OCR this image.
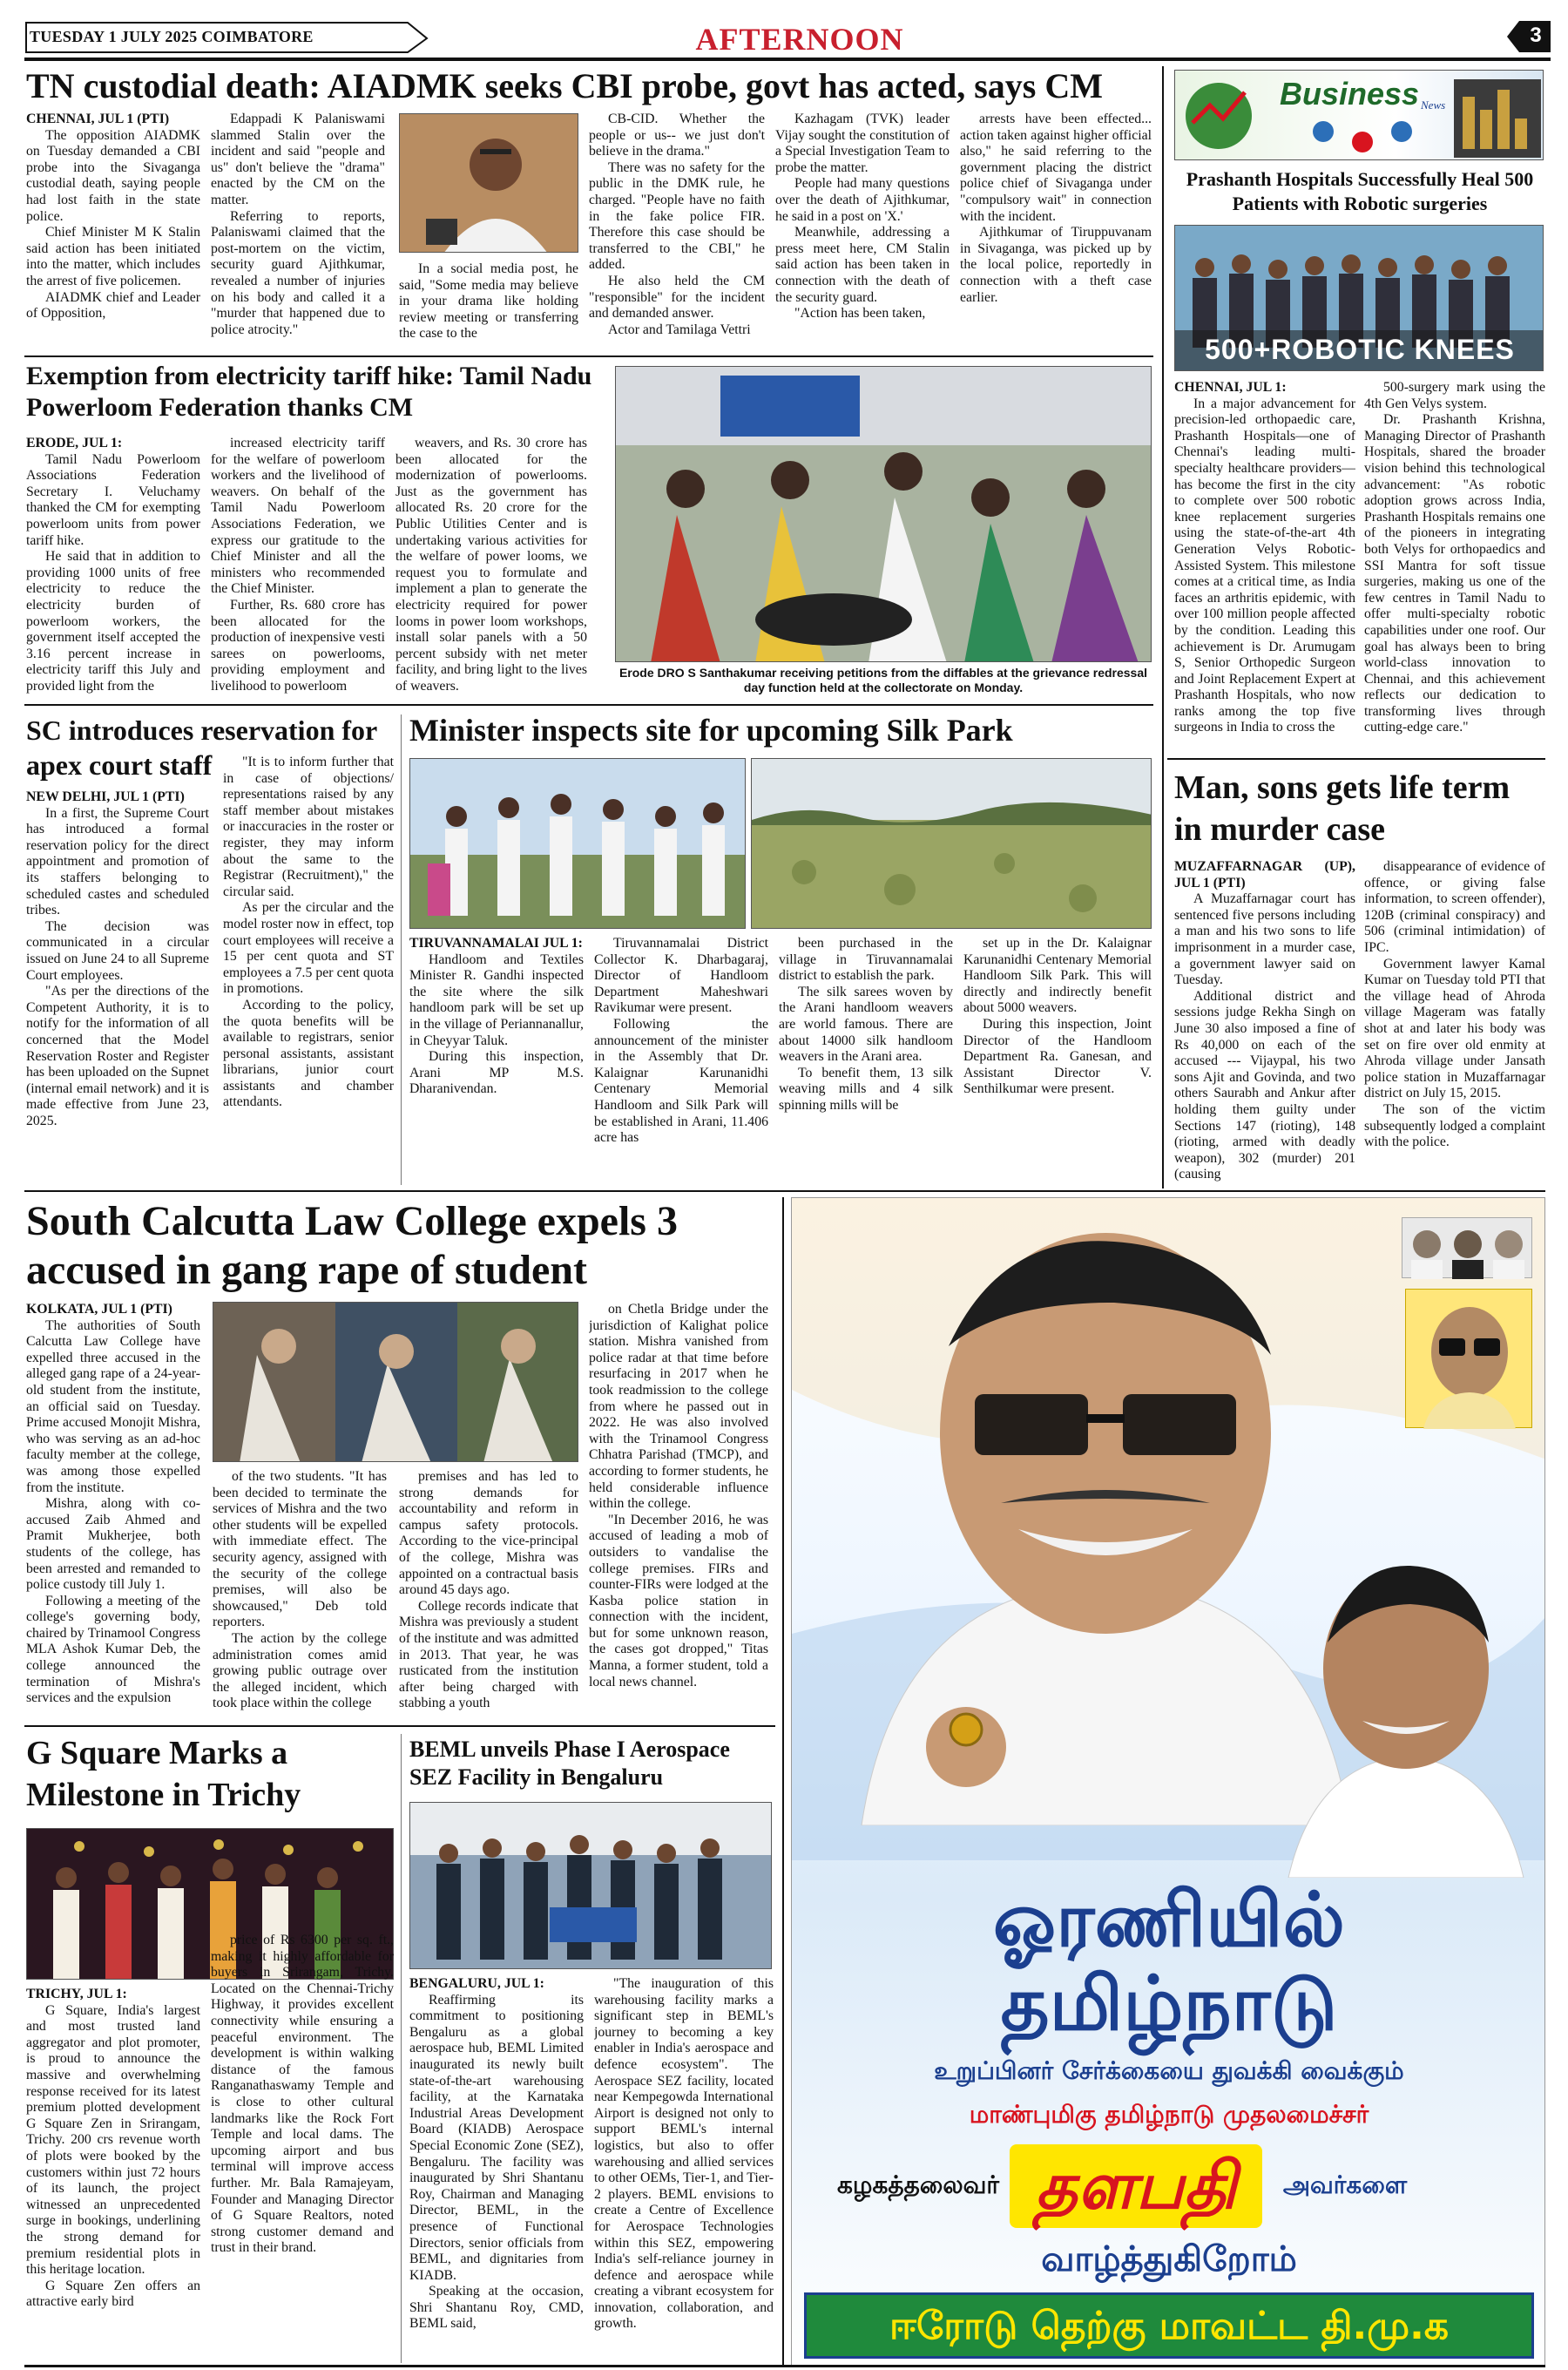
TUESDAY 1 JULY 2025 COIMBATORE	AFTERNOON	3
TN custodial death: AIADMK seeks CBI probe, govt has acted, says CM

CHENNAI, JUL 1 (PTI)

The opposition AIADMK on Tuesday demanded a CBI probe into the Sivaganga custodial death, saying people had lost faith in the state police.

Chief Minister M K Stalin said action has been initiated into the matter, which includes the arrest of five policemen.

AIADMK chief and Leader of Opposition,

Edappadi K Palaniswami slammed Stalin over the incident and said "people and us" don't believe the "drama" enacted by the CM on the matter.

Referring to reports, Palaniswami claimed that the post-mortem on the victim, security guard Ajithkumar, revealed a number of injuries on his body and called it a "murder that happened due to police atrocity."

In a social media post, he said, "Some media may believe in your drama like holding review meeting or transferring the case to the

CB-CID. Whether the people or us-- we just don't believe in the drama."

There was no safety for the public in the DMK rule, he charged. "People have no faith in the fake police FIR. Therefore this case should be transferred to the CBI," he added.

He also held the CM "responsible" for the incident and demanded answer.

Actor and Tamilaga Vettri

Kazhagam (TVK) leader Vijay sought the constitution of a Special Investigation Team to probe the matter.

People had many questions over the death of Ajithkumar, he said in a post on 'X.'

Meanwhile, addressing a press meet here, CM Stalin said action has been taken in connection with the death of the security guard.

"Action has been taken,

arrests have been effected... action taken against higher official also," he said referring to the government placing the district police chief of Sivaganga under "compulsory wait" in connection with the incident.

Ajithkumar of Tiruppuvanam in Sivaganga, was picked up by the local police, reportedly in connection with a theft case earlier.

Business News
Prashanth Hospitals Successfully Heal 500 Patients with Robotic surgeries
500+ROBOTIC KNEES

CHENNAI, JUL 1:

In a major advancement for precision-led orthopaedic care, Prashanth Hospitals—one of Chennai's leading multi-specialty healthcare providers—has become the first in the city to complete over 500 robotic knee replacement surgeries using the state-of-the-art 4th Generation Velys Robotic-Assisted System. This milestone comes at a critical time, as India faces an arthritis epidemic, with over 100 million people affected by the condition. Leading this achievement is Dr. Arumugam S, Senior Orthopedic Surgeon and Joint Replacement Expert at Prashanth Hospitals, who now ranks among the top five surgeons in India to cross the

500-surgery mark using the 4th Gen Velys system.

Dr. Prashanth Krishna, Managing Director of Prashanth Hospitals, shared the broader vision behind this technological advancement: "As robotic adoption grows across India, Prashanth Hospitals remains one of the pioneers in integrating both Velys for orthopaedics and SSI Mantra for soft tissue surgeries, making us one of the few centres in Tamil Nadu to offer multi-specialty robotic capabilities under one roof. Our goal has always been to bring world-class innovation to Chennai, and this achievement reflects our dedication to transforming lives through cutting-edge care."

Exemption from electricity tariff hike: Tamil Nadu Powerloom Federation thanks CM

ERODE, JUL 1:

Tamil Nadu Powerloom Associations Federation Secretary I. Veluchamy thanked the CM for exempting powerloom units from power tariff hike.

He said that in addition to providing 1000 units of free electricity to reduce the electricity burden of powerloom workers, the government itself accepted the 3.16 percent increase in electricity tariff this July and provided light from the

increased electricity tariff for the welfare of powerloom workers and the livelihood of weavers. On behalf of the Tamil Nadu Powerloom Associations Federation, we express our gratitude to the Chief Minister and all the ministers who recommended the Chief Minister.

Further, Rs. 680 crore has been allocated for the production of inexpensive vesti sarees on powerlooms, providing employment and livelihood to powerloom

weavers, and Rs. 30 crore has been allocated for the modernization of powerlooms. Just as the government has allocated Rs. 20 crore for the Public Utilities Center and is undertaking various activities for the welfare of power looms, we request you to formulate and implement a plan to generate the electricity required for power looms in power loom workshops, install solar panels with a 50 percent subsidy with net meter facility, and bring light to the lives of weavers.

Erode DRO S Santhakumar receiving petitions from the diffables at the grievance redressal day function held at the collectorate on Monday.
SC introduces reservation for apex court staff

NEW DELHI, JUL 1 (PTI)

In a first, the Supreme Court has introduced a formal reservation policy for the direct appointment and promotion of its staffers belonging to scheduled castes and scheduled tribes.

The decision was communicated in a circular issued on June 24 to all Supreme Court employees.

"As per the directions of the Competent Authority, it is to notify for the information of all concerned that the Model Reservation Roster and Register has been uploaded on the Supnet (internal email network) and it is made effective from June 23, 2025.

"It is to inform further that in case of objections/ representations raised by any staff member about mistakes or inaccuracies in the roster or register, they may inform about the same to the Registrar (Recruitment)," the circular said.

As per the circular and the model roster now in effect, top court employees will receive a 15 per cent quota and ST employees a 7.5 per cent quota in promotions.

According to the policy, the quota benefits will be available to registrars, senior personal assistants, assistant librarians, junior court assistants and chamber attendants.

Minister inspects site for upcoming Silk Park

TIRUVANNAMALAI JUL 1:

Handloom and Textiles Minister R. Gandhi inspected the site where the silk handloom park will be set up in the village of Periannanallur, in Cheyyar Taluk.

During this inspection, Arani MP M.S. Dharanivendan.

Tiruvannamalai District Collector K. Dharbagaraj, Director of Handloom Department Maheshwari Ravikumar were present.

Following the announcement of the minister in the Assembly that Dr. Kalaignar Karunanidhi Centenary Memorial Handloom and Silk Park will be established in Arani, 11.406 acre has

been purchased in the village in Tiruvannamalai district to establish the park.

The silk sarees woven by the Arani handloom weavers are world famous. There are about 14000 silk handloom weavers in the Arani area.

To benefit them, 13 silk weaving mills and 4 silk spinning mills will be

set up in the Dr. Kalaignar Karunanidhi Centenary Memorial Handloom Silk Park. This will directly and indirectly benefit about 5000 weavers.

During this inspection, Joint Director of the Handloom Department Ra. Ganesan, and Assistant Director V. Senthilkumar were present.

Man, sons gets life term in murder case

MUZAFFARNAGAR (UP), JUL 1 (PTI)

A Muzaffarnagar court has sentenced five persons including a man and his two sons to life imprisonment in a murder case, a government lawyer said on Tuesday.

Additional district and sessions judge Rekha Singh on June 30 also imposed a fine of Rs 40,000 on each of the accused --- Vijaypal, his two sons Ajit and Govinda, and two others Saurabh and Ankur after holding them guilty under Sections 147 (rioting), 148 (rioting, armed with deadly weapon), 302 (murder) 201 (causing

disappearance of evidence of offence, or giving false information, to screen offender), 120B (criminal conspiracy) and 506 (criminal intimidation) of IPC.

Government lawyer Kamal Kumar on Tuesday told PTI that the village head of Ahroda village Mageram was fatally shot at and later his body was set on fire over old enmity at Ahroda village under Jansath police station in Muzaffarnagar district on July 15, 2015.

The son of the victim subsequently lodged a complaint with the police.

South Calcutta Law College expels 3 accused in gang rape of student

KOLKATA, JUL 1 (PTI)

The authorities of South Calcutta Law College have expelled three accused in the alleged gang rape of a 24-year-old student from the institute, an official said on Tuesday. Prime accused Monojit Mishra, who was serving as an ad-hoc faculty member at the college, was among those expelled from the institute.

Mishra, along with co-accused Zaib Ahmed and Pramit Mukherjee, both students of the college, has been arrested and remanded to police custody till July 1.

Following a meeting of the college's governing body, chaired by Trinamool Congress MLA Ashok Kumar Deb, the college announced the termination of Mishra's services and the expulsion

of the two students. "It has been decided to terminate the services of Mishra and the two other students will be expelled with immediate effect. The security agency, assigned with the security of the college premises, will also be showcaused," Deb told reporters.

The action by the college administration comes amid growing public outrage over the alleged incident, which took place within the college

premises and has led to strong demands for accountability and reform in campus safety protocols. According to the vice-principal of the college, Mishra was appointed on a contractual basis around 45 days ago.

College records indicate that Mishra was previously a student of the institute and was admitted in 2013. That year, he was rusticated from the institution after being charged with stabbing a youth

on Chetla Bridge under the jurisdiction of Kalighat police station. Mishra vanished from police radar at that time before resurfacing in 2017 when he took readmission to the college from where he passed out in 2022. He was also involved with the Trinamool Congress Chhatra Parishad (TMCP), and according to former students, he held considerable influence within the college.

"In December 2016, he was accused of leading a mob of outsiders to vandalise the college premises. FIRs and counter-FIRs were lodged at the Kasba police station in connection with the incident, but for some unknown reason, the cases got dropped," Titas Manna, a former student, told a local news channel.

G Square Marks a Milestone in Trichy

TRICHY, JUL 1:

G Square, India's largest and most trusted land aggregator and plot promoter, is proud to announce the massive and overwhelming response received for its latest premium plotted development G Square Zen in Srirangam, Trichy. 200 crs revenue worth of plots were booked by the customers within just 72 hours of its launch, the project witnessed an unprecedented surge in bookings, underlining the strong demand for premium residential plots in this heritage location.

G Square Zen offers an attractive early bird

price of Rs 6300 per sq. ft., making it highly affordable for buyers in Srirangam, Trichy. Located on the Chennai-Trichy Highway, it provides excellent connectivity while ensuring a peaceful environment. The development is within walking distance of the famous Ranganathaswamy Temple and is close to other cultural landmarks like the Rock Fort Temple and local dams. The upcoming airport and bus terminal will improve access further. Mr. Bala Ramajeyam, Founder and Managing Director of G Square Realtors, noted strong customer demand and trust in their brand.

BEML unveils Phase I Aerospace SEZ Facility in Bengaluru

BENGALURU, JUL 1:

Reaffirming its commitment to positioning Bengaluru as a global aerospace hub, BEML Limited inaugurated its newly built state-of-the-art warehousing facility, at the Karnataka Industrial Areas Development Board (KIADB) Aerospace Special Economic Zone (SEZ), Bengaluru. The facility was inaugurated by Shri Shantanu Roy, Chairman and Managing Director, BEML, in the presence of Functional Directors, senior officials from BEML, and dignitaries from KIADB.

Speaking at the occasion, Shri Shantanu Roy, CMD, BEML said,

"The inauguration of this warehousing facility marks a significant step in BEML's journey to becoming a key enabler in India's aerospace and defence ecosystem". The Aerospace SEZ facility, located near Kempegowda International Airport is designed not only to support BEML's internal logistics, but also to offer warehousing and allied services to other OEMs, Tier-1, and Tier-2 players. BEML envisions to create a Centre of Excellence for Aerospace Technologies within this SEZ, empowering India's self-reliance journey in defence and aerospace while creating a vibrant ecosystem for innovation, collaboration, and growth.

ஓரணியில்
தமிழ்நாடு
உறுப்பினர் சேர்க்கையை துவக்கி வைக்கும்
மாண்புமிகு தமிழ்நாடு முதலமைச்சர்
கழகத்தலைவர் தளபதி	அவர்களை
வாழ்த்துகிறோம்
ஈரோடு தெற்கு மாவட்ட தி.மு.க
